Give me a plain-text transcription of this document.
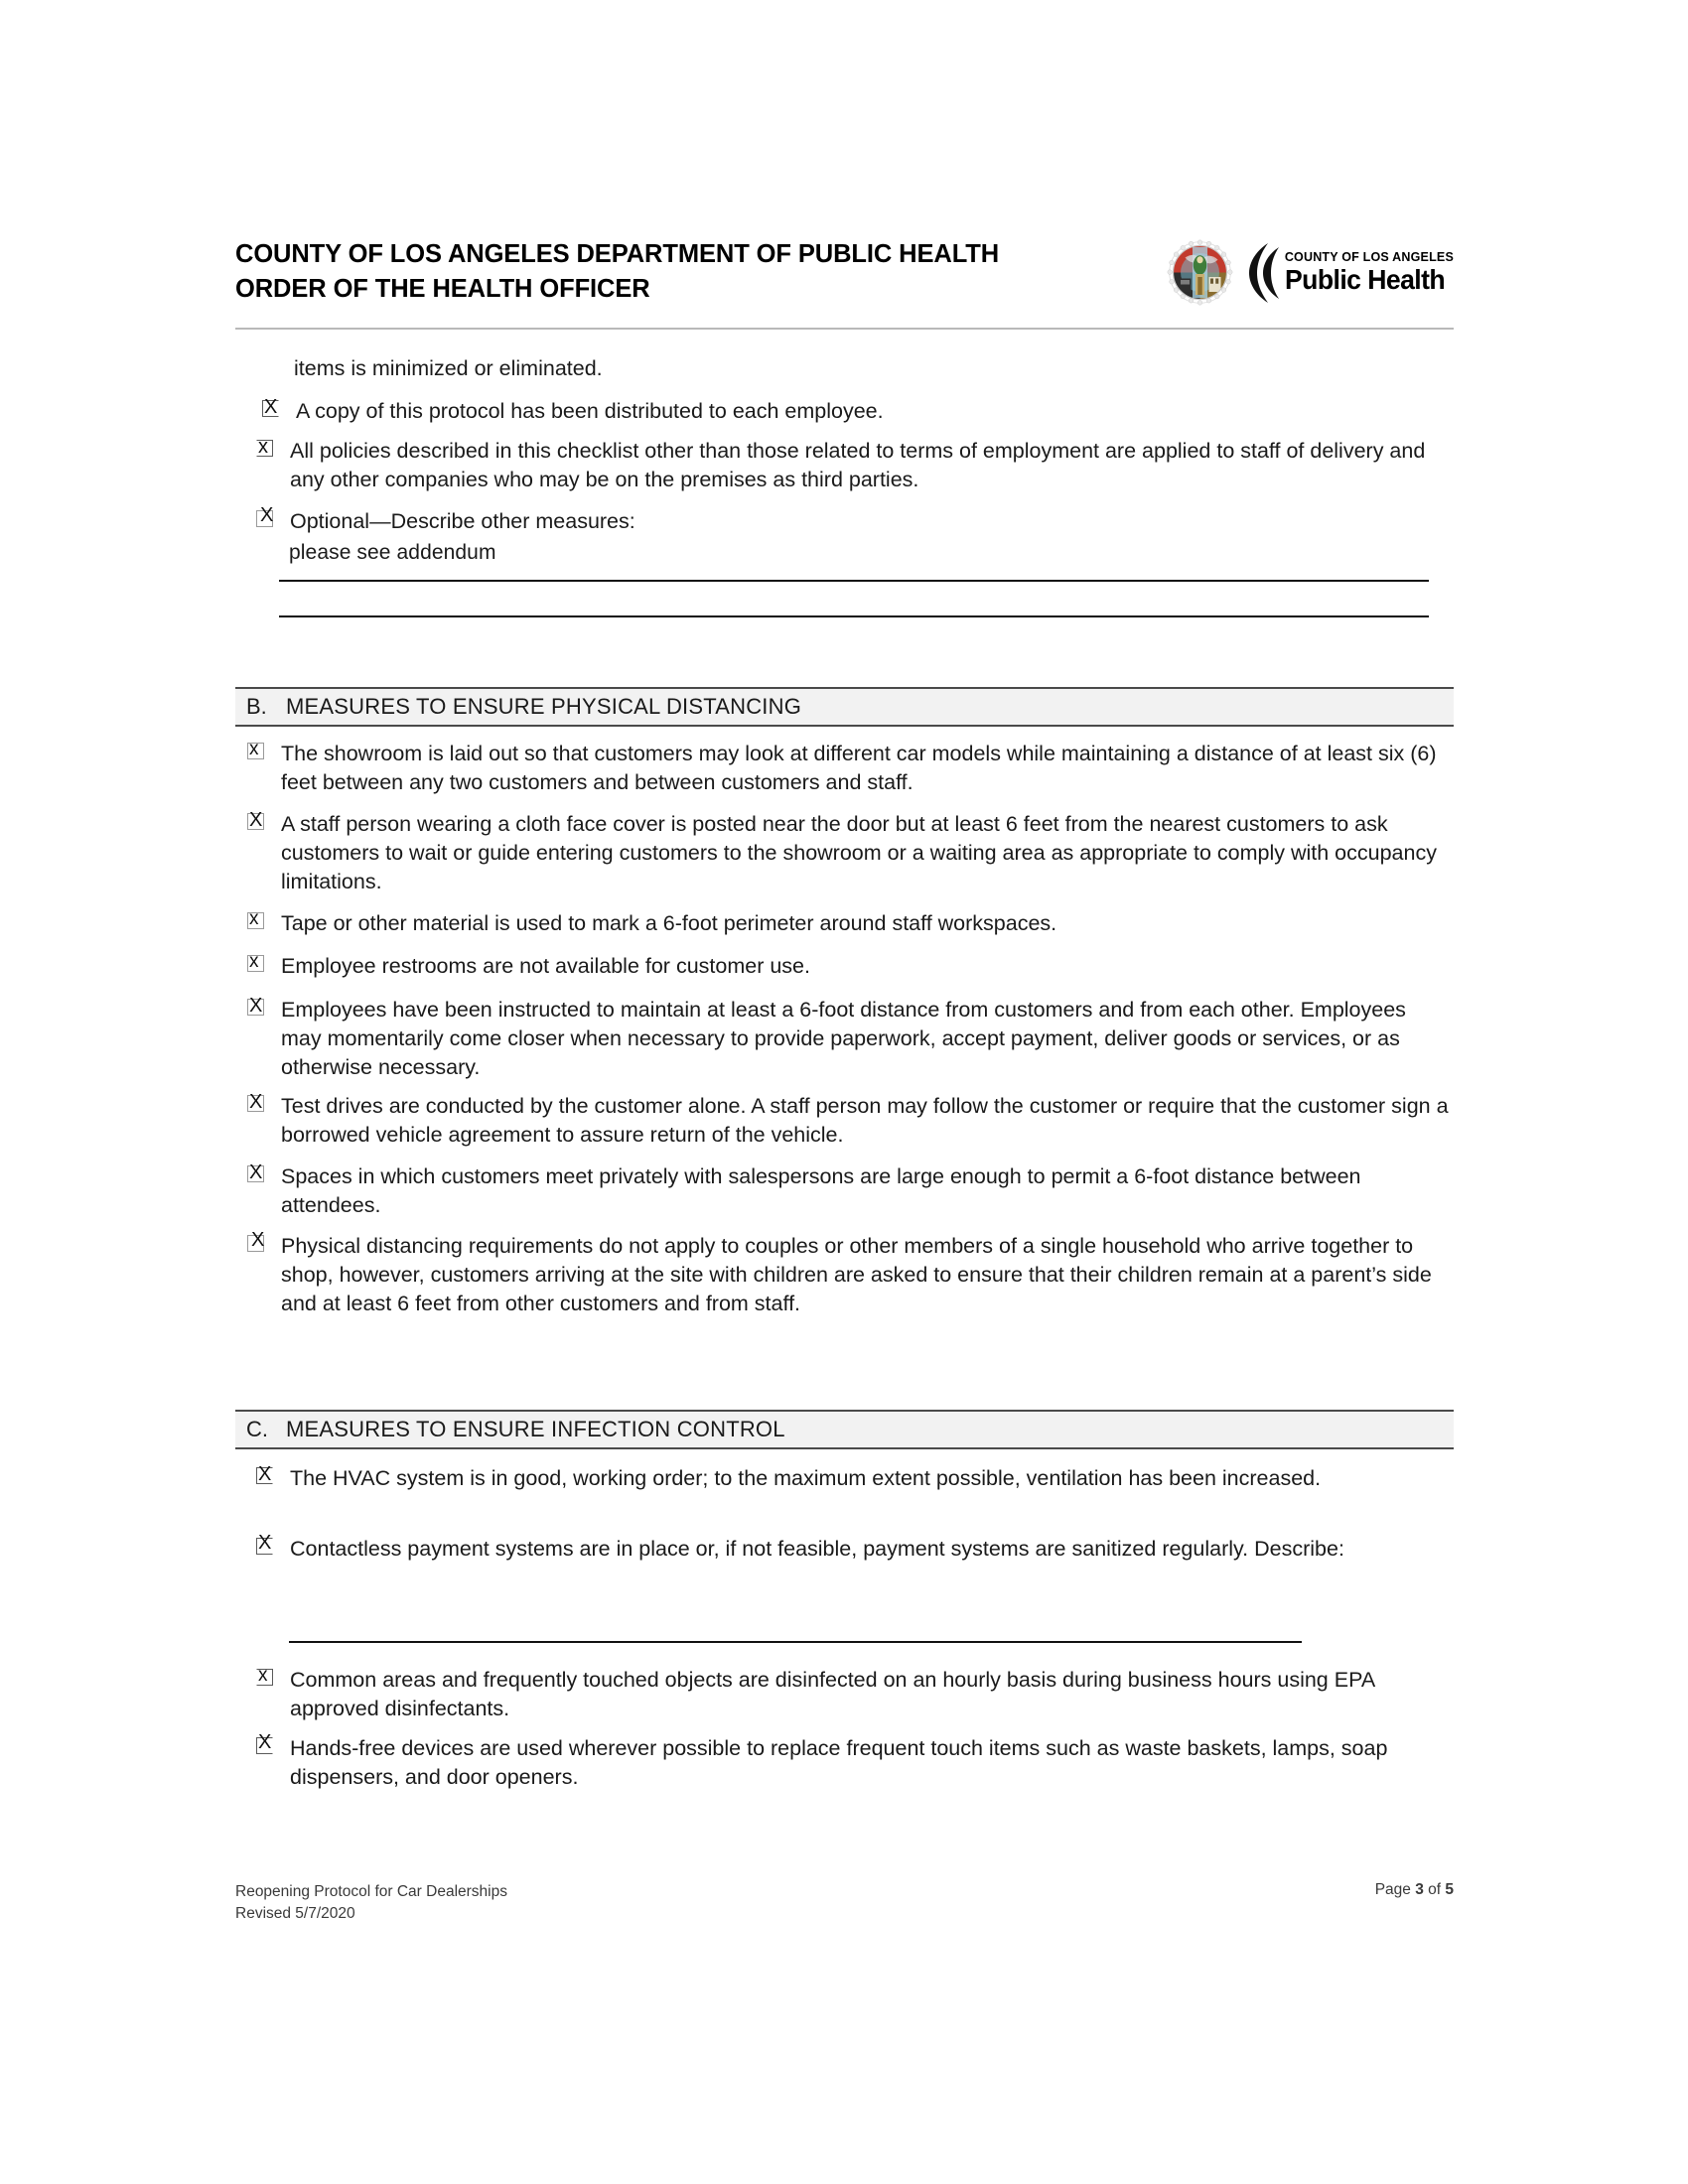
COUNTY OF LOS ANGELES DEPARTMENT OF PUBLIC HEALTH
ORDER OF THE HEALTH OFFICER
COUNTY OF LOS ANGELES
Public Health
items is minimized or eliminated.
X A copy of this protocol has been distributed to each employee.
x All policies described in this checklist other than those related to terms of employment are applied to staff of delivery and any other companies who may be on the premises as third parties.
X Optional—Describe other measures:
please see addendum
B. MEASURES TO ENSURE PHYSICAL DISTANCING
x The showroom is laid out so that customers may look at different car models while maintaining a distance of at least six (6) feet between any two customers and between customers and staff.
X A staff person wearing a cloth face cover is posted near the door but at least 6 feet from the nearest customers to ask customers to wait or guide entering customers to the showroom or a waiting area as appropriate to comply with occupancy limitations.
x Tape or other material is used to mark a 6-foot perimeter around staff workspaces.
x Employee restrooms are not available for customer use.
X Employees have been instructed to maintain at least a 6-foot distance from customers and from each other. Employees may momentarily come closer when necessary to provide paperwork, accept payment, deliver goods or services, or as otherwise necessary.
X Test drives are conducted by the customer alone. A staff person may follow the customer or require that the customer sign a borrowed vehicle agreement to assure return of the vehicle.
X Spaces in which customers meet privately with salespersons are large enough to permit a 6-foot distance between attendees.
X Physical distancing requirements do not apply to couples or other members of a single household who arrive together to shop, however, customers arriving at the site with children are asked to ensure that their children remain at a parent’s side and at least 6 feet from other customers and from staff.
C. MEASURES TO ENSURE INFECTION CONTROL
X The HVAC system is in good, working order; to the maximum extent possible, ventilation has been increased.
X Contactless payment systems are in place or, if not feasible, payment systems are sanitized regularly. Describe:
x Common areas and frequently touched objects are disinfected on an hourly basis during business hours using EPA approved disinfectants.
X Hands-free devices are used wherever possible to replace frequent touch items such as waste baskets, lamps, soap dispensers, and door openers.
Reopening Protocol for Car Dealerships
Revised 5/7/2020
Page 3 of 5
